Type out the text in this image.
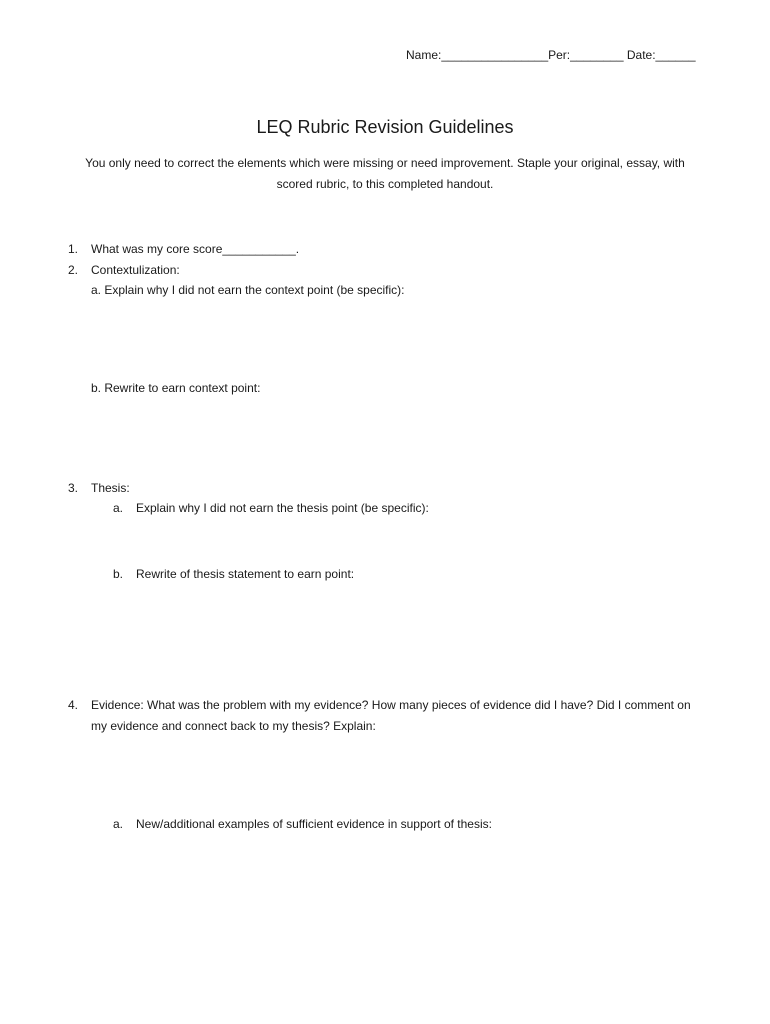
Name:________________Per:________ Date:______
LEQ Rubric Revision Guidelines
You only need to correct the elements which were missing or need improvement. Staple your original, essay, with
scored rubric, to this completed handout.
1. What was my core score___________.
2. Contextulization:
a. Explain why I did not earn the context point (be specific):
b. Rewrite to earn context point:
3. Thesis:
a. Explain why I did not earn the thesis point (be specific):
b. Rewrite of thesis statement to earn point:
4. Evidence: What was the problem with my evidence? How many pieces of evidence did I have? Did I comment on
my evidence and connect back to my thesis? Explain:
a. New/additional examples of sufficient evidence in support of thesis:
